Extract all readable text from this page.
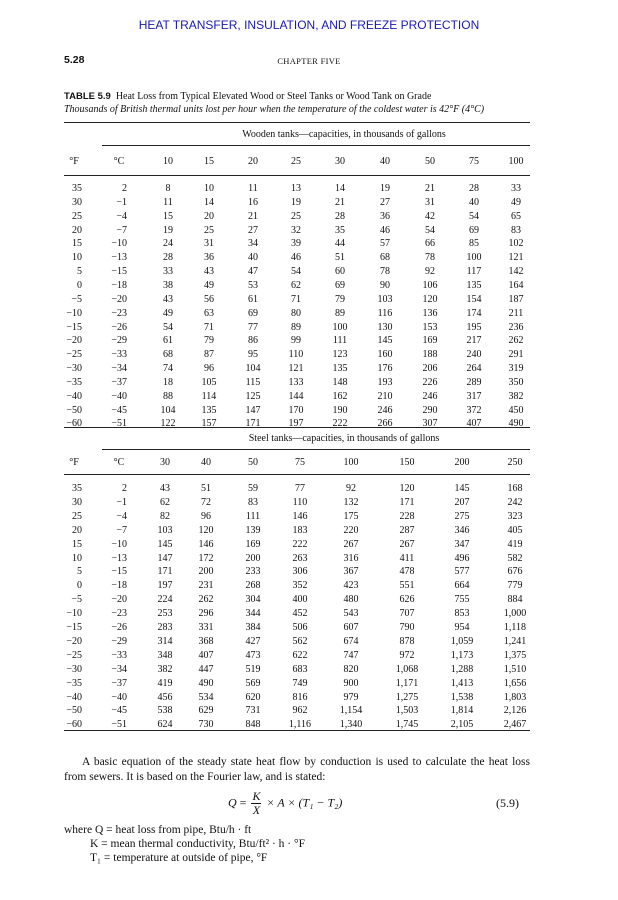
HEAT TRANSFER, INSULATION, AND FREEZE PROTECTION
5.28	CHAPTER FIVE
TABLE 5.9 Heat Loss from Typical Elevated Wood or Steel Tanks or Wood Tank on Grade
Thousands of British thermal units lost per hour when the temperature of the coldest water is 42°F (4°C)
Wooden tanks—capacities, in thousands of gallons
°F	°C	10	15	20	25	30	40	50	75	100
35	2	8	10	11	13	14	19	21	28	33
30	−1	11	14	16	19	21	27	31	40	49
25	−4	15	20	21	25	28	36	42	54	65
20	−7	19	25	27	32	35	46	54	69	83
15	−10	24	31	34	39	44	57	66	85	102
10	−13	28	36	40	46	51	68	78	100	121
5	−15	33	43	47	54	60	78	92	117	142
0	−18	38	49	53	62	69	90	106	135	164
−5	−20	43	56	61	71	79	103	120	154	187
−10	−23	49	63	69	80	89	116	136	174	211
−15	−26	54	71	77	89	100	130	153	195	236
−20	−29	61	79	86	99	111	145	169	217	262
−25	−33	68	87	95	110	123	160	188	240	291
−30	−34	74	96	104	121	135	176	206	264	319
−35	−37	18	105	115	133	148	193	226	289	350
−40	−40	88	114	125	144	162	210	246	317	382
−50	−45	104	135	147	170	190	246	290	372	450
−60	−51	122	157	171	197	222	266	307	407	490
Steel tanks—capacities, in thousands of gallons
°F	°C	30	40	50	75	100	150	200	250
35	2	43	51	59	77	92	120	145	168
30	−1	62	72	83	110	132	171	207	242
25	−4	82	96	111	146	175	228	275	323
20	−7	103	120	139	183	220	287	346	405
15	−10	145	146	169	222	267	267	347	419
10	−13	147	172	200	263	316	411	496	582
5	−15	171	200	233	306	367	478	577	676
0	−18	197	231	268	352	423	551	664	779
−5	−20	224	262	304	400	480	626	755	884
−10	−23	253	296	344	452	543	707	853	1,000
−15	−26	283	331	384	506	607	790	954	1,118
−20	−29	314	368	427	562	674	878	1,059	1,241
−25	−33	348	407	473	622	747	972	1,173	1,375
−30	−34	382	447	519	683	820	1,068	1,288	1,510
−35	−37	419	490	569	749	900	1,171	1,413	1,656
−40	−40	456	534	620	816	979	1,275	1,538	1,803
−50	−45	538	629	731	962	1,154	1,503	1,814	2,126
−60	−51	624	730	848	1,116	1,340	1,745	2,105	2,467
A basic equation of the steady state heat flow by conduction is used to calculate the heat loss from sewers. It is based on the Fourier law, and is stated:
$Q = \frac{K}{X} \times A \times (T_1 - T_2)$	(5.9)
where Q = heat loss from pipe, Btu/h · ft
K = mean thermal conductivity, Btu/ft² · h · °F
T₁ = temperature at outside of pipe, °F
